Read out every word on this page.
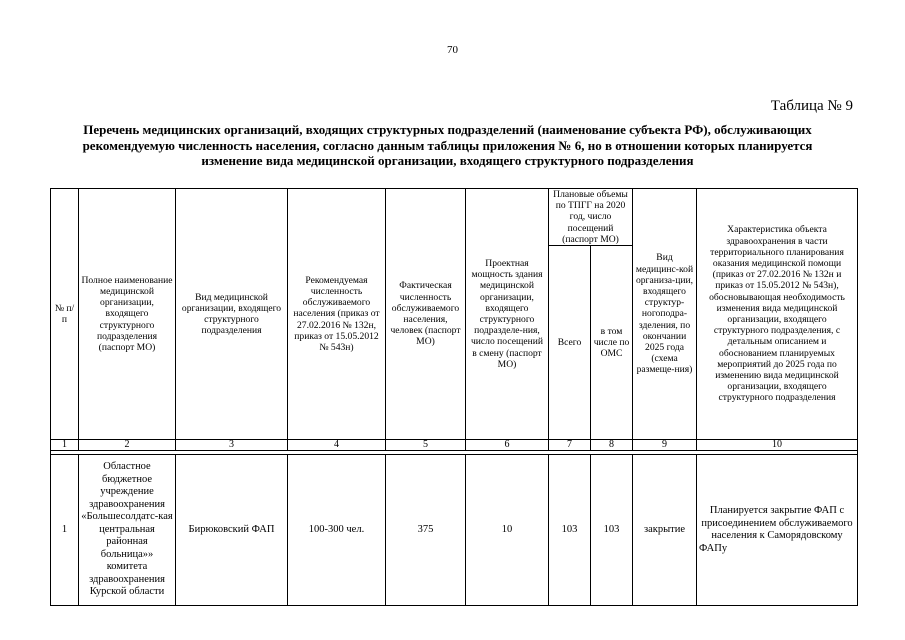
70
Таблица № 9
Перечень медицинских организаций, входящих структурных подразделений (наименование субъекта РФ), обслуживающих рекомендуемую численность населения, согласно данным таблицы приложения № 6, но в отношении которых планируется изменение вида медицинской организации, входящего структурного подразделения
№ п/п	Полное наименование медицинской организации, входящего структурного подразделения (паспорт МО)	Вид медицинской организации, входящего структурного подразделения	Рекомендуемая численность обслуживаемого населения (приказ от 27.02.2016 № 132н, приказ от 15.05.2012 № 543н)	Фактическая численность обслуживаемого населения, человек (паспорт МО)	Проектная мощность здания медицинской организации, входящего структурного подразделе-ния, число посещений в смену (паспорт МО)	Плановые объемы по ТПГГ на 2020 год, число посещений (паспорт МО)		Вид медицинс-кой организа-ции, входящего структур-ногоподра-зделения, по окончании 2025 года (схема размеще-ния)	Характеристика объекта здравоохранения в части территориального планирования оказания медицинской помощи (приказ от 27.02.2016 № 132н и приказ от 15.05.2012 № 543н), обосновывающая необходимость изменения вида медицинской организации, входящего структурного подразделения, с детальным описанием и обоснованием планируемых мероприятий до 2025 года по изменению вида медицинской организации, входящего структурного подразделения
						Всего	в том числе по ОМС		
1	2	3	4	5	6	7	8	9	10

1	Областное бюджетное учреждение здравоохранения «Большесолдатс-кая центральная районная больница»» комитета здравоохранения Курской области	Бирюковский ФАП	100-300 чел.	375	10	103	103	закрытие	Планируется закрытие ФАП с присоединением обслуживаемого населения к Саморядовскому ФАПу
